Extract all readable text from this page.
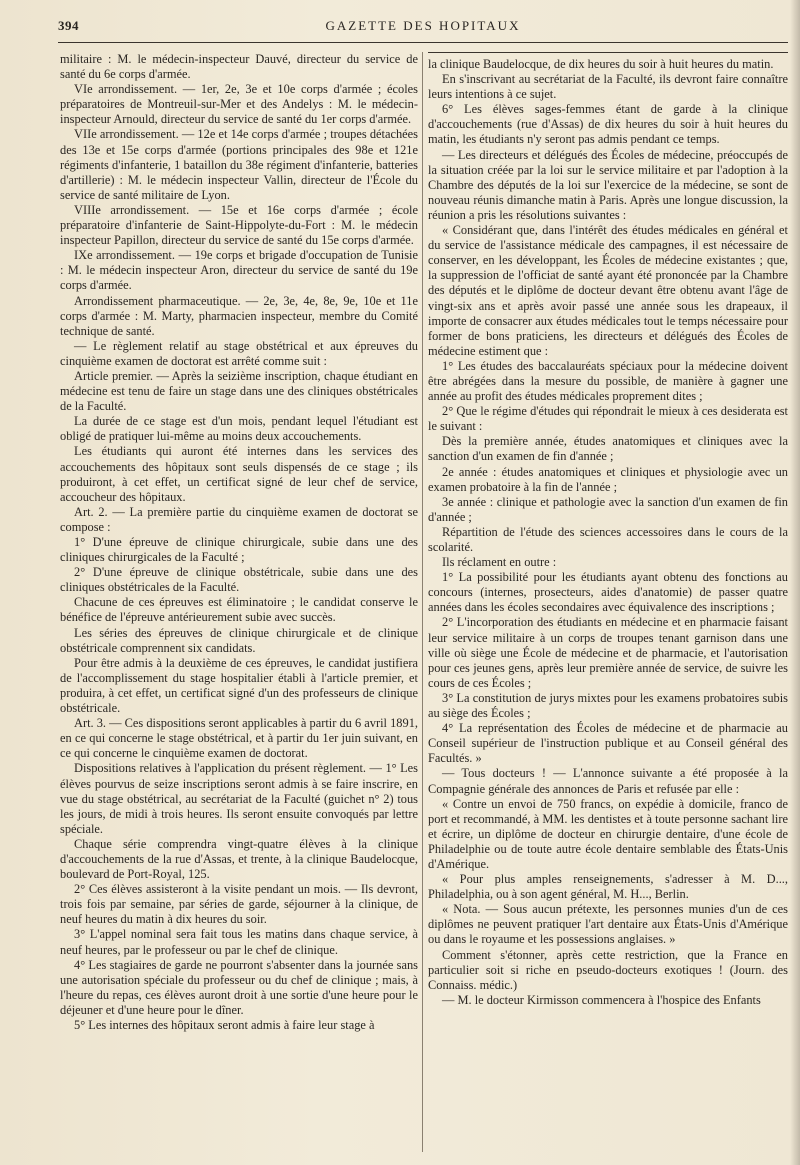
394	GAZETTE DES HOPITAUX

militaire : M. le médecin-inspecteur Dauvé, directeur du service de santé du 6e corps d'armée.

VIe arrondissement. — 1er, 2e, 3e et 10e corps d'armée ; écoles préparatoires de Montreuil-sur-Mer et des Andelys : M. le médecin-inspecteur Arnould, directeur du service de santé du 1er corps d'armée.

VIIe arrondissement. — 12e et 14e corps d'armée ; troupes détachées des 13e et 15e corps d'armée (portions principales des 98e et 121e régiments d'infanterie, 1 bataillon du 38e régiment d'infanterie, batteries d'artillerie) : M. le médecin inspecteur Vallin, directeur de l'École du service de santé militaire de Lyon.

VIIIe arrondissement. — 15e et 16e corps d'armée ; école préparatoire d'infanterie de Saint-Hippolyte-du-Fort : M. le médecin inspecteur Papillon, directeur du service de santé du 15e corps d'armée.

IXe arrondissement. — 19e corps et brigade d'occupation de Tunisie : M. le médecin inspecteur Aron, directeur du service de santé du 19e corps d'armée.

Arrondissement pharmaceutique. — 2e, 3e, 4e, 8e, 9e, 10e et 11e corps d'armée : M. Marty, pharmacien inspecteur, membre du Comité technique de santé.

— Le règlement relatif au stage obstétrical et aux épreuves du cinquième examen de doctorat est arrêté comme suit :

Article premier. — Après la seizième inscription, chaque étudiant en médecine est tenu de faire un stage dans une des cliniques obstétricales de la Faculté.

La durée de ce stage est d'un mois, pendant lequel l'étudiant est obligé de pratiquer lui-même au moins deux accouchements.

Les étudiants qui auront été internes dans les services des accouchements des hôpitaux sont seuls dispensés de ce stage ; ils produiront, à cet effet, un certificat signé de leur chef de service, accoucheur des hôpitaux.

Art. 2. — La première partie du cinquième examen de doctorat se compose :

1° D'une épreuve de clinique chirurgicale, subie dans une des cliniques chirurgicales de la Faculté ;

2° D'une épreuve de clinique obstétricale, subie dans une des cliniques obstétricales de la Faculté.

Chacune de ces épreuves est éliminatoire ; le candidat conserve le bénéfice de l'épreuve antérieurement subie avec succès.

Les séries des épreuves de clinique chirurgicale et de clinique obstétricale comprennent six candidats.

Pour être admis à la deuxième de ces épreuves, le candidat justifiera de l'accomplissement du stage hospitalier établi à l'article premier, et produira, à cet effet, un certificat signé d'un des professeurs de clinique obstétricale.

Art. 3. — Ces dispositions seront applicables à partir du 6 avril 1891, en ce qui concerne le stage obstétrical, et à partir du 1er juin suivant, en ce qui concerne le cinquième examen de doctorat.

Dispositions relatives à l'application du présent règlement. — 1° Les élèves pourvus de seize inscriptions seront admis à se faire inscrire, en vue du stage obstétrical, au secrétariat de la Faculté (guichet n° 2) tous les jours, de midi à trois heures. Ils seront ensuite convoqués par lettre spéciale.

Chaque série comprendra vingt-quatre élèves à la clinique d'accouchements de la rue d'Assas, et trente, à la clinique Baudelocque, boulevard de Port-Royal, 125.

2° Ces élèves assisteront à la visite pendant un mois. — Ils devront, trois fois par semaine, par séries de garde, séjourner à la clinique, de neuf heures du matin à dix heures du soir.

3° L'appel nominal sera fait tous les matins dans chaque service, à neuf heures, par le professeur ou par le chef de clinique.

4° Les stagiaires de garde ne pourront s'absenter dans la journée sans une autorisation spéciale du professeur ou du chef de clinique ; mais, à l'heure du repas, ces élèves auront droit à une sortie d'une heure pour le déjeuner et d'une heure pour le dîner.

5° Les internes des hôpitaux seront admis à faire leur stage à

la clinique Baudelocque, de dix heures du soir à huit heures du matin.

En s'inscrivant au secrétariat de la Faculté, ils devront faire connaître leurs intentions à ce sujet.

6° Les élèves sages-femmes étant de garde à la clinique d'accouchements (rue d'Assas) de dix heures du soir à huit heures du matin, les étudiants n'y seront pas admis pendant ce temps.

— Les directeurs et délégués des Écoles de médecine, préoccupés de la situation créée par la loi sur le service militaire et par l'adoption à la Chambre des députés de la loi sur l'exercice de la médecine, se sont de nouveau réunis dimanche matin à Paris. Après une longue discussion, la réunion a pris les résolutions suivantes :

« Considérant que, dans l'intérêt des études médicales en général et du service de l'assistance médicale des campagnes, il est nécessaire de conserver, en les développant, les Écoles de médecine existantes ; que, la suppression de l'officiat de santé ayant été prononcée par la Chambre des députés et le diplôme de docteur devant être obtenu avant l'âge de vingt-six ans et après avoir passé une année sous les drapeaux, il importe de consacrer aux études médicales tout le temps nécessaire pour former de bons praticiens, les directeurs et délégués des Écoles de médecine estiment que :

1° Les études des baccalauréats spéciaux pour la médecine doivent être abrégées dans la mesure du possible, de manière à gagner une année au profit des études médicales proprement dites ;

2° Que le régime d'études qui répondrait le mieux à ces desiderata est le suivant :

Dès la première année, études anatomiques et cliniques avec la sanction d'un examen de fin d'année ;

2e année : études anatomiques et cliniques et physiologie avec un examen probatoire à la fin de l'année ;

3e année : clinique et pathologie avec la sanction d'un examen de fin d'année ;

Répartition de l'étude des sciences accessoires dans le cours de la scolarité.

Ils réclament en outre :

1° La possibilité pour les étudiants ayant obtenu des fonctions au concours (internes, prosecteurs, aides d'anatomie) de passer quatre années dans les écoles secondaires avec équivalence des inscriptions ;

2° L'incorporation des étudiants en médecine et en pharmacie faisant leur service militaire à un corps de troupes tenant garnison dans une ville où siège une École de médecine et de pharmacie, et l'autorisation pour ces jeunes gens, après leur première année de service, de suivre les cours de ces Écoles ;

3° La constitution de jurys mixtes pour les examens probatoires subis au siège des Écoles ;

4° La représentation des Écoles de médecine et de pharmacie au Conseil supérieur de l'instruction publique et au Conseil général des Facultés. »

— Tous docteurs ! — L'annonce suivante a été proposée à la Compagnie générale des annonces de Paris et refusée par elle :

« Contre un envoi de 750 francs, on expédie à domicile, franco de port et recommandé, à MM. les dentistes et à toute personne sachant lire et écrire, un diplôme de docteur en chirurgie dentaire, d'une école de Philadelphie ou de toute autre école dentaire semblable des États-Unis d'Amérique.

« Pour plus amples renseignements, s'adresser à M. D..., Philadelphia, ou à son agent général, M. H..., Berlin.

« Nota. — Sous aucun prétexte, les personnes munies d'un de ces diplômes ne peuvent pratiquer l'art dentaire aux États-Unis d'Amérique ou dans le royaume et les possessions anglaises. »

Comment s'étonner, après cette restriction, que la France en particulier soit si riche en pseudo-docteurs exotiques ! (Journ. des Connaiss. médic.)

— M. le docteur Kirmisson commencera à l'hospice des Enfants
